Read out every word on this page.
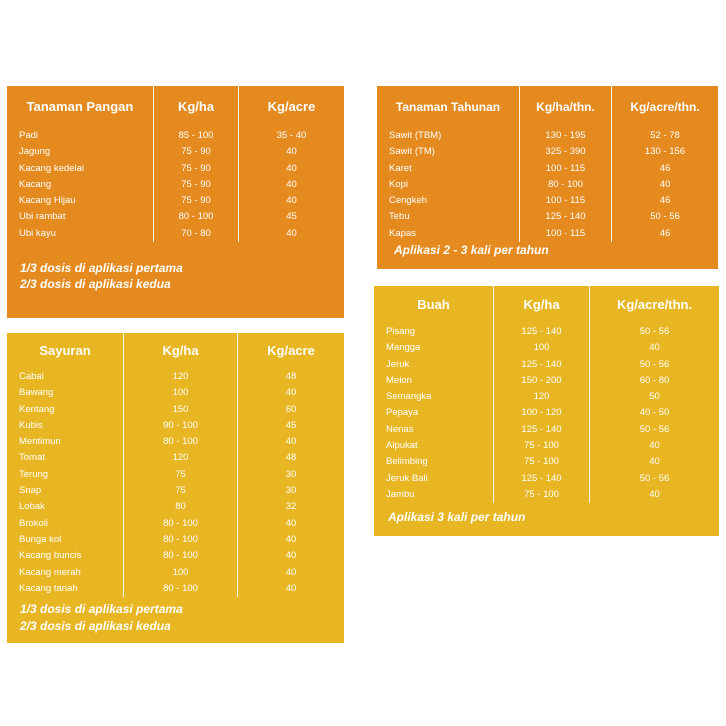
Tanaman Pangan
Padi
Jagung
Kacang kedelai
Kacang
Kacang Hijau
Ubi rambat
Ubi kayu
Kg/ha
85 - 100
75 - 90
75 - 90
75 - 90
75 - 90
80 - 100
70 - 80
Kg/acre
35 - 40
40
40
40
40
45
40
1/3 dosis di aplikasi pertama
2/3 dosis di aplikasi kedua
Tanaman Tahunan
Sawit (TBM)
Sawit (TM)
Karet
Kopi
Cengkeh
Tebu
Kapas
Kg/ha/thn.
130 - 195
325 - 390
100 - 115
80 - 100
100 - 115
125 - 140
100 - 115
Kg/acre/thn.
52 - 78
130 - 156
46
40
46
50 - 56
46
Aplikasi 2 - 3 kali per tahun
Sayuran
Cabai
Bawang
Kentang
Kubis
Mentimun
Tomat
Terung
Snap
Lobak
Brokoli
Bunga kol
Kacang buncis
Kacang merah
Kacang tanah
Kg/ha
120
100
150
90 - 100
80 - 100
120
75
75
80
80 - 100
80 - 100
80 - 100
100
80 - 100
Kg/acre
48
40
60
45
40
48
30
30
32
40
40
40
40
40
1/3 dosis di aplikasi pertama
2/3 dosis di aplikasi kedua
Buah
Pisang
Mangga
Jeruk
Melon
Semangka
Pepaya
Nenas
Alpukat
Belimbing
Jeruk Bali
Jambu
Kg/ha
125 - 140
100
125 - 140
150 - 200
120
100 - 120
125 - 140
75 - 100
75 - 100
125 - 140
75 - 100
Kg/acre/thn.
50 - 56
40
50 - 56
60 - 80
50
40 - 50
50 - 56
40
40
50 - 56
40
Aplikasi 3 kali per tahun
